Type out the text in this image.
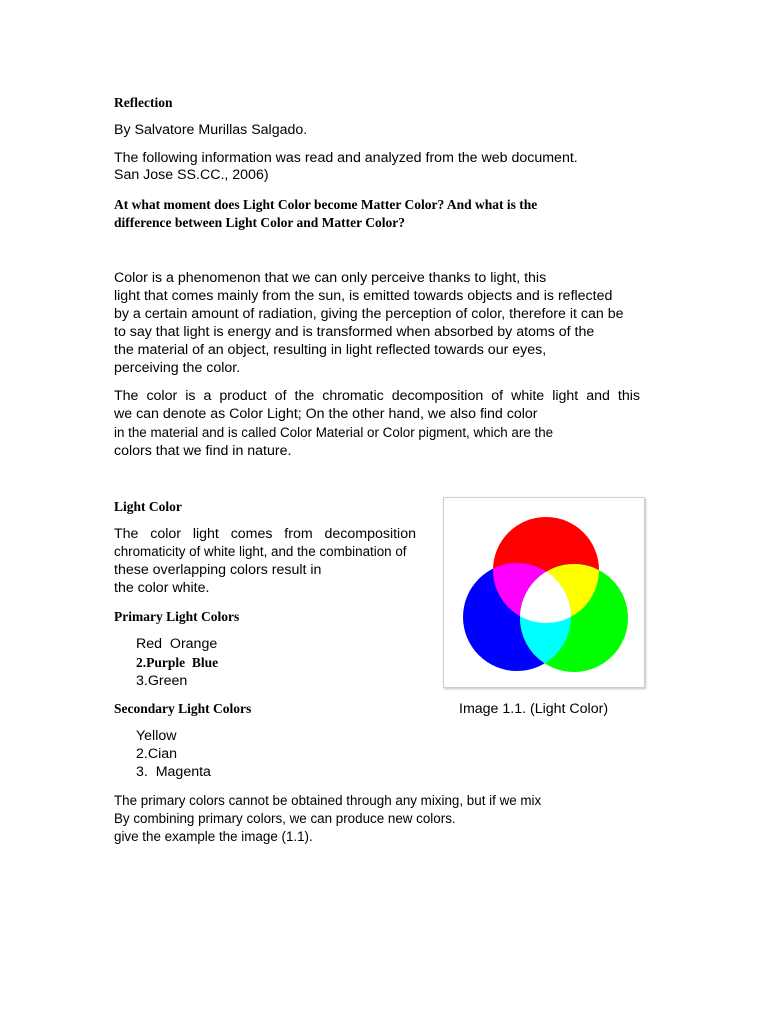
Reflection

By Salvatore Murillas Salgado.

The following information was read and analyzed from the web document.

San Jose SS.CC., 2006)

At what moment does Light Color become Matter Color? And what is the

difference between Light Color and Matter Color?

Color is a phenomenon that we can only perceive thanks to light, this

light that comes mainly from the sun, is emitted towards objects and is reflected

by a certain amount of radiation, giving the perception of color, therefore it can be

to say that light is energy and is transformed when absorbed by atoms of the

the material of an object, resulting in light reflected towards our eyes,

perceiving the color.

The color is a product of the chromatic decomposition of white light and this

we can denote as Color Light; On the other hand, we also find color

in the material and is called Color Material or Color pigment, which are the

colors that we find in nature.

Light Color

The color light comes from decomposition

chromaticity of white light, and the combination of

these overlapping colors result in

the color white.

Primary Light Colors

Red  Orange

2.Purple  Blue

3.Green

Secondary Light Colors

Yellow

2.Cian

3.  Magenta

Image 1.1. (Light Color)

The primary colors cannot be obtained through any mixing, but if we mix

By combining primary colors, we can produce new colors.

give the example the image (1.1).
